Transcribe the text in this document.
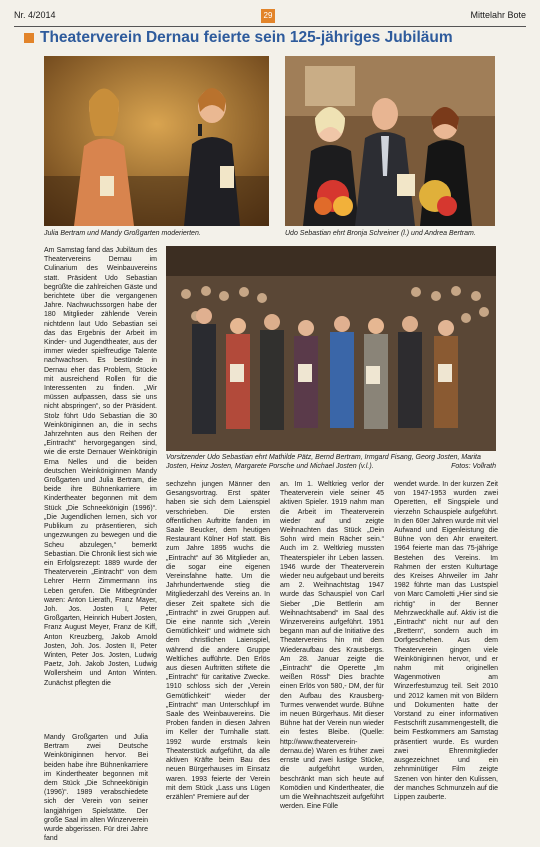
Nr. 4/2014	29	Mittelahr Bote
Theaterverein Dernau feierte sein 125-jähriges Jubiläum
Julia Bertram und Mandy Großgarten moderierten.	Udo Sebastian ehrt Bronja Schreiner (l.) und Andrea Bertram.

Am Samstag fand das Jubiläum des Theatervereins Dernau im Culinarium des Weinbauvereins statt. Präsident Udo Sebastian begrüßte die zahlreichen Gäste und berichtete über die vergangenen Jahre. Nachwuchssorgen habe der 180 Mitglieder zählende Verein nichtdenn laut Udo Sebastian sei das das Ergebnis der Arbeit im Kinder- und Jugendtheater, aus der immer wieder spielfreudige Talente nachwachsen. Es bestünde in Dernau eher das Problem, Stücke mit ausreichend Rollen für die Interessenten zu finden. „Wir müssen aufpassen, dass sie uns nicht abspringen“, so der Präsident. Stolz führt Udo Sebastian die 30 Weinköniginnen an, die in sechs Jahrzehnten aus den Reihen der „Eintracht“ hervorgegangen sind, wie die erste Dernauer Weinkönigin Erna Nelles und die beiden deutschen Weinköniginnen Mandy Großgarten und Julia Bertram, die beide ihre Bühnenkarriere im Kindertheater begonnen mit dem Stück „Die Schneekönigin (1996)“. „Die Jugendlichen lernen, sich vor Publikum zu präsentieren, sich ungezwungen zu bewegen und die Scheu abzulegen,“ bemerkt Sebastian. Die Chronik liest sich wie ein Erfolgsrezept: 1889 wurde der Theaterverein „Eintracht“ von dem Lehrer Herrn Zimmermann ins Leben gerufen. Die Mitbegründer waren: Anton Lierath, Franz Mayer, Joh. Jos. Josten I, Peter Großgarten, Heinrich Hubert Josten, Franz August Meyer, Franz de Kiff, Anton Kreuzberg, Jakob Arnold Josten, Joh. Jos. Josten II, Peter Winten, Peter Jos. Josten, Ludwig Paetz, Joh. Jakob Josten, Ludwig Wollersheim und Anton Winten. Zunächst pflegten die

Vorsitzender Udo Sebastian ehrt Mathilde Pätz, Bernd Bertram, Irmgard Fisang, Georg Josten, Marita Josten, Heinz Josten, Margarete Porsche und Michael Josten (v.l.).	Fotos: Vollrath

Mandy Großgarten und Julia Bertram zwei Deutsche Weinköniginnen hervor. Bei beiden habe ihre Bühnenkarriere im Kindertheater begonnen mit dem Stück „Die Schneekönigin (1996)“. 1989 verabschiedete sich der Verein von seiner langjährigen Spielstätte. Der große Saal im alten Winzerverein wurde abgerissen. Für drei Jahre fand

sechzehn jungen Männer den Gesangsvortrag. Erst später haben sie sich dem Laienspiel verschrieben. Die ersten öffentlichen Auftritte fanden im Saale Beucker, dem heutigen Restaurant Kölner Hof statt. Bis zum Jahre 1895 wuchs die „Eintracht“ auf 36 Mitglieder an, die sogar eine eigenen Vereinsfahne hatte. Um die Jahrhundertwende stieg die Mitgliederzahl des Vereins an. In dieser Zeit spaltete sich die „Eintracht“ in zwei Gruppen auf. Die eine nannte sich „Verein Gemütlichkeit“ und widmete sich dem christlichen Laienspiel, während die andere Gruppe Weltliches aufführte. Den Erlös aus diesen Auftritten stiftete die „Eintracht“ für caritative Zwecke. 1910 schloss sich der „Verein Gemütlichkeit“ wieder der „Eintracht“ man Unterschlupf im Saale des Weinbauvereins. Die Proben fanden in diesen Jahren im Keller der Turnhalle statt. 1992 wurde erstmals kein Theaterstück aufgeführt, da alle aktiven Kräfte beim Bau des neuen Bürgerhauses im Einsatz waren. 1993 feierte der Verein mit dem Stück „Lass uns Lügen erzählen“ Premiere auf der

an. Im 1. Weltkrieg verlor der Theaterverein viele seiner 45 aktiven Spieler. 1919 nahm man die Arbeit im Theaterverein wieder auf und zeigte Weihnachten das Stück „Dein Sohn wird mein Rächer sein.“ Auch im 2. Weltkrieg mussten Theaterspieler ihr Leben lassen. 1946 wurde der Theaterverein wieder neu aufgebaut und bereits am 2. Weihnachtstag 1947 wurde das Schauspiel von Carl Sieber „Die Bettlerin am Weihnachtsabend“ im Saal des Winzervereins aufgeführt. 1951 begann man auf die Initiative des Theatervereins hin mit dem Wiederaufbau des Krausbergs. Am 28. Januar zeigte die „Eintracht“ die Operette „Im weißen Rössl“ Dies brachte einen Erlös von 580,- DM, der für den Aufbau des Krausberg-Turmes verwendet wurde. Bühne im neuen Bürgerhaus. Mit dieser Bühne hat der Verein nun wieder ein festes Bleibe. (Quelle: http://www.theaterverein-dernau.de) Waren es früher zwei ernste und zwei lustige Stücke, die aufgeführt wurden, beschränkt man sich heute auf Komödien und Kindertheater, die um die Weihnachtszeit aufgeführt werden. Eine Fülle

wendet wurde. In der kurzen Zeit von 1947-1953 wurden zwei Operetten, elf Singspiele und vierzehn Schauspiele aufgeführt. In den 60er Jahren wurde mit viel Aufwand und Eigenleistung die Bühne von den Ahr erweitert. 1964 feierte man das 75-jährige Bestehen des Vereins. Im Rahmen der ersten Kulturtage des Kreises Ahrweiler im Jahr 1982 führte man das Lustspiel von Marc Camoletti „Hier sind sie richtig“ in der Benner Mehrzweckhalle auf. Aktiv ist die „Eintracht“ nicht nur auf den „Brettern“, sondern auch im Dorfgeschehen. Aus dem Theaterverein gingen viele Weinköniginnen hervor, und er nahm mit originellen Wagenmotiven am Winzerfestumzug teil. Seit 2010 und 2012 kamen mit von Bildern und Dokumenten hatte der Vorstand zu einer informativen Festschrift zusammengestellt, die beim Festkommers am Samstag präsentiert wurde. Es wurden zwei Ehrenmitglieder ausgezeichnet und ein zehnminütiger Film zeigte Szenen von hinter den Kulissen, der manches Schmunzeln auf die Lippen zauberte.
